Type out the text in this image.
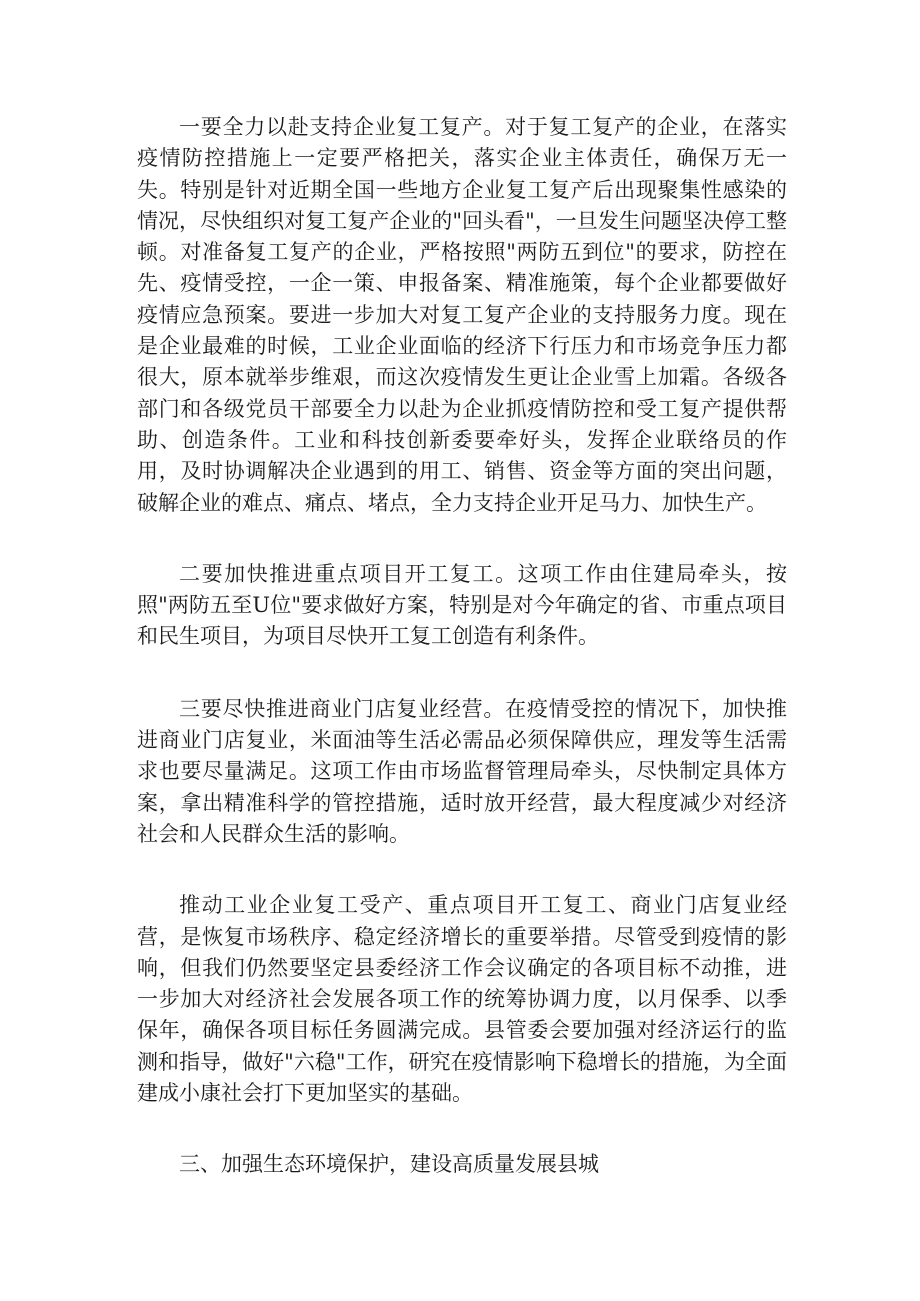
一要全力以赴支持企业复工复产。对于复工复产的企业，在落实疫情防控措施上一定要严格把关，落实企业主体责任，确保万无一失。特别是针对近期全国一些地方企业复工复产后出现聚集性感染的情况，尽快组织对复工复产企业的"回头看"，一旦发生问题坚决停工整顿。对准备复工复产的企业，严格按照"两防五到位"的要求，防控在先、疫情受控，一企一策、申报备案、精准施策，每个企业都要做好疫情应急预案。要进一步加大对复工复产企业的支持服务力度。现在是企业最难的时候，工业企业面临的经济下行压力和市场竞争压力都很大，原本就举步维艰，而这次疫情发生更让企业雪上加霜。各级各部门和各级党员干部要全力以赴为企业抓疫情防控和受工复产提供帮助、创造条件。工业和科技创新委要牵好头，发挥企业联络员的作用，及时协调解决企业遇到的用工、销售、资金等方面的突出问题，破解企业的难点、痛点、堵点，全力支持企业开足马力、加快生产。

二要加快推进重点项目开工复工。这项工作由住建局牵头，按照"两防五至U位"要求做好方案，特别是对今年确定的省、市重点项目和民生项目，为项目尽快开工复工创造有利条件。

三要尽快推进商业门店复业经营。在疫情受控的情况下，加快推进商业门店复业，米面油等生活必需品必须保障供应，理发等生活需求也要尽量满足。这项工作由市场监督管理局牵头，尽快制定具体方案，拿出精准科学的管控措施，适时放开经营，最大程度减少对经济社会和人民群众生活的影响。

推动工业企业复工受产、重点项目开工复工、商业门店复业经营，是恢复市场秩序、稳定经济增长的重要举措。尽管受到疫情的影响，但我们仍然要坚定县委经济工作会议确定的各项目标不动推，进一步加大对经济社会发展各项工作的统筹协调力度，以月保季、以季保年，确保各项目标任务圆满完成。县管委会要加强对经济运行的监测和指导，做好"六稳"工作，研究在疫情影响下稳增长的措施，为全面建成小康社会打下更加坚实的基础。

三、加强生态环境保护，建设高质量发展县城
